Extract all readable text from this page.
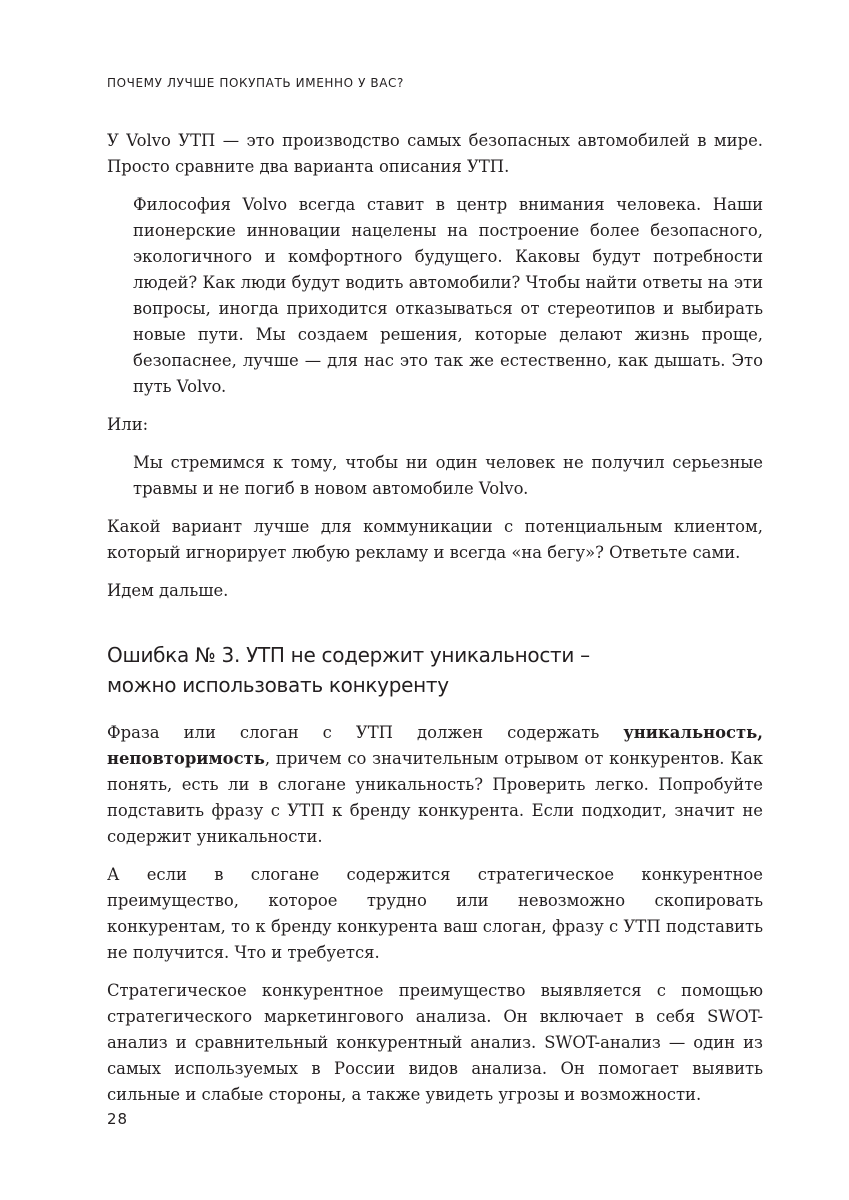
ПОЧЕМУ ЛУЧШЕ ПОКУПАТЬ ИМЕННО У ВАС?

У Volvo УТП — это производство самых безопасных автомобилей в мире. Просто сравните два варианта описания УТП.

Философия Volvo всегда ставит в центр внимания человека. Наши пионерские инновации нацелены на построение более безопасного, экологичного и комфортного будущего. Каковы будут потребности людей? Как люди будут водить автомобили? Чтобы найти ответы на эти вопросы, иногда приходится отказываться от стереотипов и выбирать новые пути. Мы создаем решения, которые делают жизнь проще, безопаснее, лучше — для нас это так же естественно, как дышать. Это путь Volvo.

Или:

Мы стремимся к тому, чтобы ни один человек не получил серьезные травмы и не погиб в новом автомобиле Volvo.

Какой вариант лучше для коммуникации с потенциальным клиентом, который игнорирует любую рекламу и всегда «на бегу»? Ответьте сами.

Идем дальше.

Ошибка № 3. УТП не содержит уникальности –
можно использовать конкуренту

Фраза или слоган с УТП должен содержать уникальность, неповторимость, причем со значительным отрывом от конкурентов. Как понять, есть ли в слогане уникальность? Проверить легко. Попробуйте подставить фразу с УТП к бренду конкурента. Если подходит, значит не содержит уникальности.

А если в слогане содержится стратегическое конкурентное преимущество, которое трудно или невозможно скопировать конкурентам, то к бренду конкурента ваш слоган, фразу с УТП подставить не получится. Что и требуется.

Стратегическое конкурентное преимущество выявляется с помощью стратегического маркетингового анализа. Он включает в себя SWOT-анализ и сравнительный конкурентный анализ. SWOT-анализ — один из самых используемых в России видов анализа. Он помогает выявить сильные и слабые стороны, а также увидеть угрозы и возможности.

28
